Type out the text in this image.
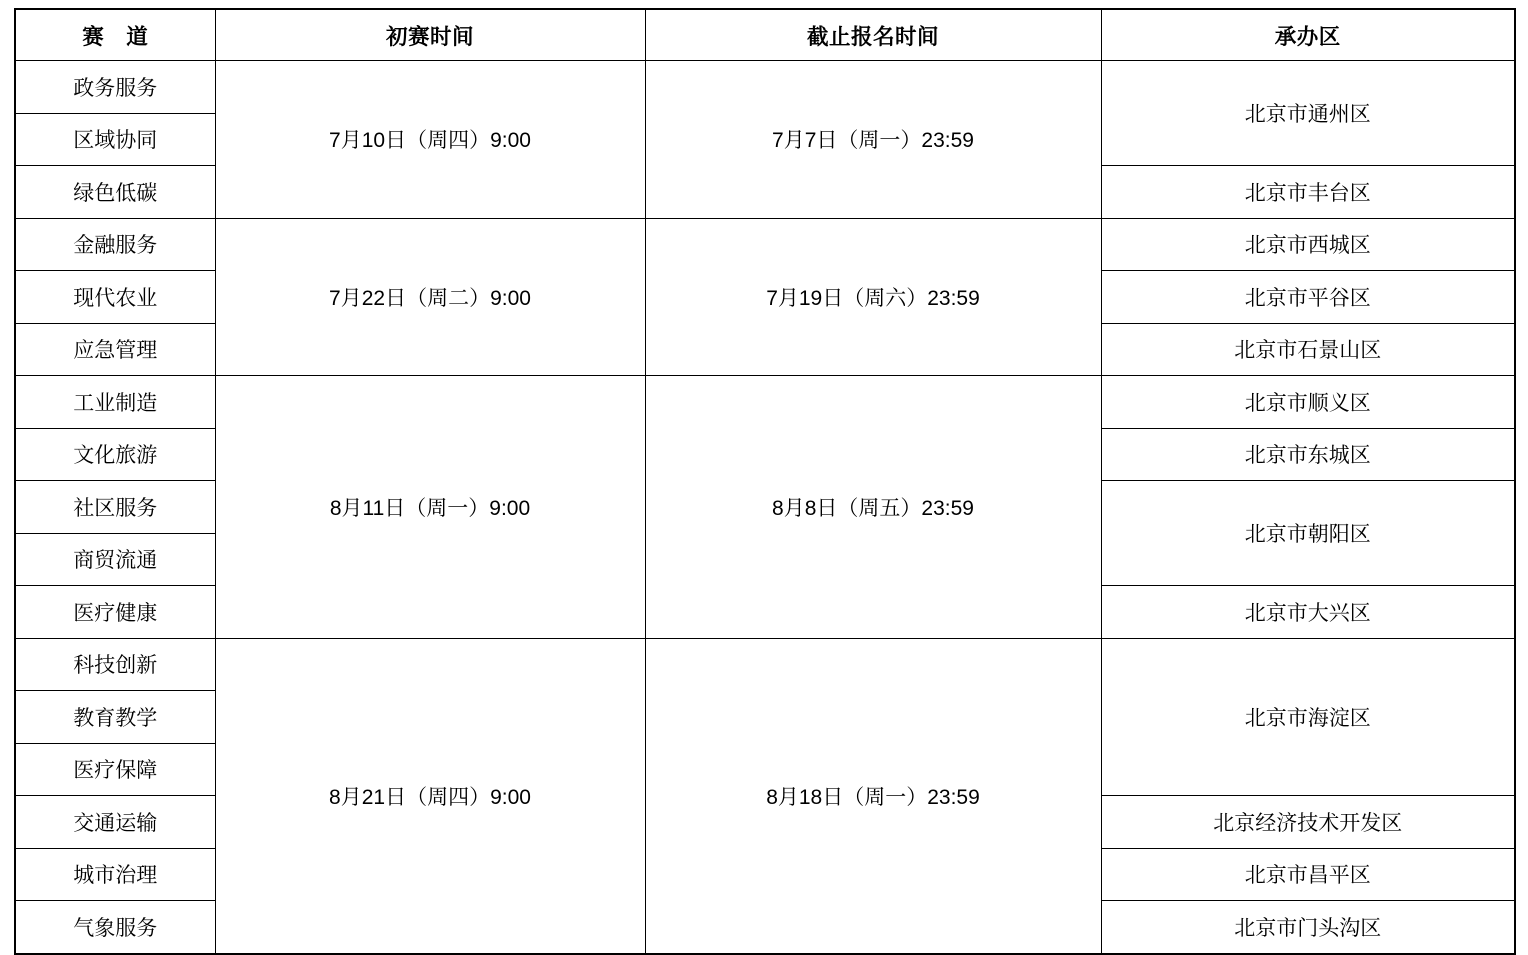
赛　道	初赛时间	截止报名时间	承办区
政务服务	7月10日（周四）9:00	7月7日（周一）23:59	北京市通州区
区域协同			
绿色低碳			北京市丰台区
金融服务	7月22日（周二）9:00	7月19日（周六）23:59	北京市西城区
现代农业			北京市平谷区
应急管理			北京市石景山区
工业制造	8月11日（周一）9:00	8月8日（周五）23:59	北京市顺义区
文化旅游			北京市东城区
社区服务			北京市朝阳区
商贸流通			
医疗健康			北京市大兴区
科技创新	8月21日（周四）9:00	8月18日（周一）23:59	北京市海淀区
教育教学			
医疗保障			
交通运输			北京经济技术开发区
城市治理			北京市昌平区
气象服务			北京市门头沟区
